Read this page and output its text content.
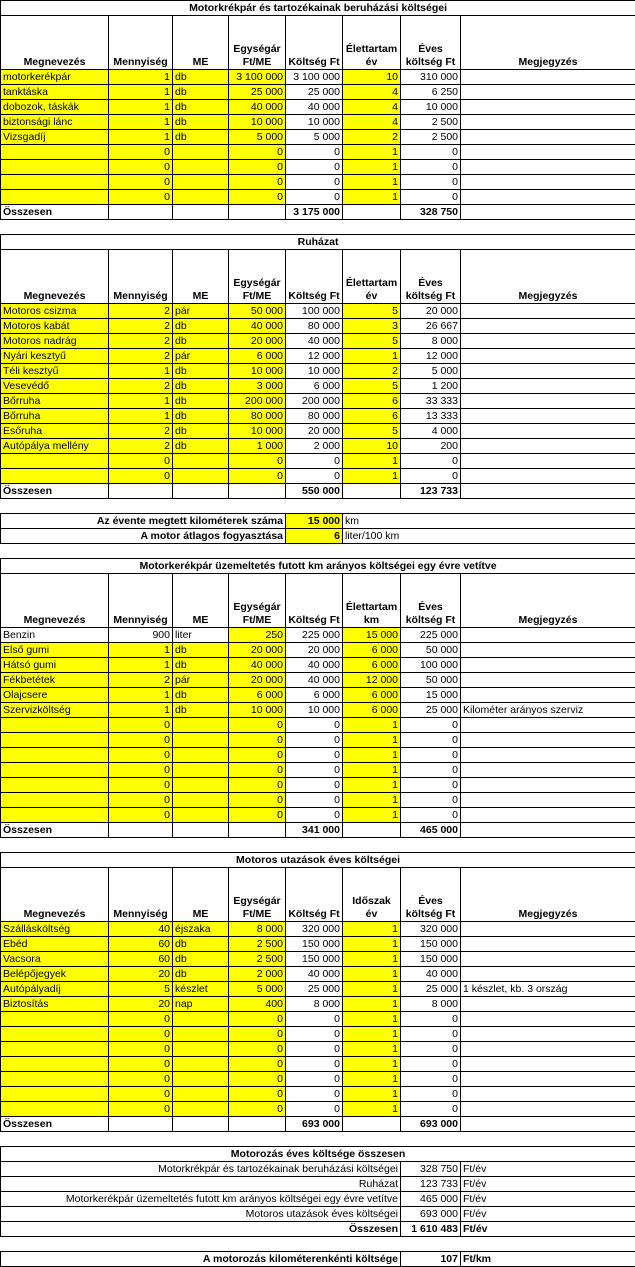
Motorkrékpár és tartozékainak beruházási költségei							
Megnevezés	Mennyiség	ME	Egységár Ft/ME	Költség Ft	Élettartam év	Éves költség Ft	Megjegyzés
motorkerékpár	1	db	3 100 000	3 100 000	10	310 000	
tanktáska	1	db	25 000	25 000	4	6 250	
dobozok, táskák	1	db	40 000	40 000	4	10 000	
biztonsági lánc	1	db	10 000	10 000	4	2 500	
Vizsgadíj	1	db	5 000	5 000	2	2 500	
	0		0	0	1	0	
	0		0	0	1	0	
	0		0	0	1	0	
	0		0	0	1	0	
Összesen				3 175 000		328 750	

Ruházat							
Megnevezés	Mennyiség	ME	Egységár Ft/ME	Költség Ft	Élettartam év	Éves költség Ft	Megjegyzés
Motoros csizma	2	pár	50 000	100 000	5	20 000	
Motoros kabát	2	db	40 000	80 000	3	26 667	
Motoros nadrág	2	db	20 000	40 000	5	8 000	
Nyári kesztyű	2	pár	6 000	12 000	1	12 000	
Téli kesztyű	1	db	10 000	10 000	2	5 000	
Vesevédő	2	db	3 000	6 000	5	1 200	
Bőrruha	1	db	200 000	200 000	6	33 333	
Bőrruha	1	db	80 000	80 000	6	13 333	
Esőruha	2	db	10 000	20 000	5	4 000	
Autópálya mellény	2	db	1 000	2 000	10	200	
	0		0	0	1	0	
	0		0	0	1	0	
Összesen				550 000		123 733	

Az évente megtett kilométerek száma				15 000	km		
A motor átlagos fogyasztása				6	liter/100 km		

Motorkerékpár üzemeltetés futott km arányos költségei egy évre vetítve							
Megnevezés	Mennyiség	ME	Egységár Ft/ME	Költség Ft	Élettartam km	Éves költség Ft	Megjegyzés
Benzin	900	liter	250	225 000	15 000	225 000	
Első gumi	1	db	20 000	20 000	6 000	50 000	
Hátsó gumi	1	db	40 000	40 000	6 000	100 000	
Fékbetétek	2	pár	20 000	40 000	12 000	50 000	
Olajcsere	1	db	6 000	6 000	6 000	15 000	
Szervizköltség	1	db	10 000	10 000	6 000	25 000	Kilométer arányos szerviz
	0		0	0	1	0	
	0		0	0	1	0	
	0		0	0	1	0	
	0		0	0	1	0	
	0		0	0	1	0	
	0		0	0	1	0	
	0		0	0	1	0	
Összesen				341 000		465 000	

Motoros utazások éves költségei							
Megnevezés	Mennyiség	ME	Egységár Ft/ME	Költség Ft	Időszak év	Éves költség Ft	Megjegyzés
Szállásköltség	40	éjszaka	8 000	320 000	1	320 000	
Ebéd	60	db	2 500	150 000	1	150 000	
Vacsora	60	db	2 500	150 000	1	150 000	
Belépőjegyek	20	db	2 000	40 000	1	40 000	
Autópályadíj	5	készlet	5 000	25 000	1	25 000	1 készlet, kb. 3 ország
Biztosítás	20	nap	400	8 000	1	8 000	
	0		0	0	1	0	
	0		0	0	1	0	
	0		0	0	1	0	
	0		0	0	1	0	
	0		0	0	1	0	
	0		0	0	1	0	
	0		0	0	1	0	
Összesen				693 000		693 000	

Motorozás éves költsége összesen							
Motorkrékpár és tartozékainak beruházási költségei						328 750	Ft/év
Ruházat						123 733	Ft/év
Motorkerékpár üzemeltetés futott km arányos költségei egy évre vetítve						465 000	Ft/év
Motoros utazások éves költségei						693 000	Ft/év
Összesen						1 610 483	Ft/év

A motorozás kilométerenkénti költsége						107	Ft/km
